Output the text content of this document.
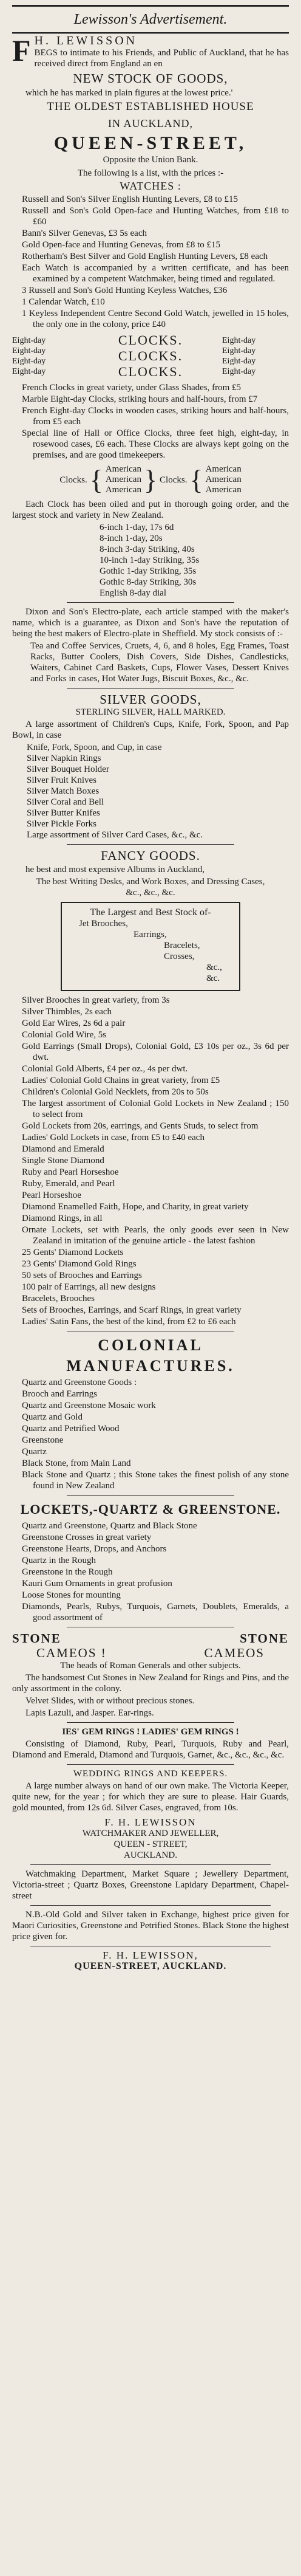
Lewisson's Advertisement.
F H. LEWISSON
BEGS to intimate to his Friends, and Public of Auckland, that he has received direct from England an en
NEW STOCK OF GOODS,
which he has marked in plain figures at the lowest price.'
THE OLDEST ESTABLISHED HOUSE
IN AUCKLAND,
QUEEN-STREET,
Opposite the Union Bank.
The following is a list, with the prices :-
WATCHES :
Russell and Son's Silver English Hunting Levers, £8 to £15
Russell and Son's Gold Open-face and Hunting Watches, from £18 to £60
Bann's Silver Genevas, £3 5s each
Gold Open-face and Hunting Genevas, from £8 to £15
Rotherham's Best Silver and Gold English Hunting Levers, £8 each
Each Watch is accompanied by a written certificate, and has been examined by a competent Watchmaker, being timed and regulated.
3 Russell and Son's Gold Hunting Keyless Watches, £36
1 Calendar Watch, £10
1 Keyless Independent Centre Second Gold Watch, jewelled in 15 holes, the only one in the colony, price £40
Eight-day
Eight-day
Eight-day
Eight-day
CLOCKS.
CLOCKS.
CLOCKS.
Eight-day
Eight-day
Eight-day
Eight-day
French Clocks in great variety, under Glass Shades, from £5
Marble Eight-day Clocks, striking hours and half-hours, from £7
French Eight-day Clocks in wooden cases, striking hours and half-hours, from £5 each
Special line of Hall or Office Clocks, three feet high, eight-day, in rosewood cases, £6 each. These Clocks are always kept going on the premises, and are good timekeepers.
Clocks. { American
American
American } Clocks. { American
American
American
Each Clock has been oiled and put in thorough going order, and the largest stock and variety in New Zealand.
6-inch 1-day, 17s 6d
8-inch 1-day, 20s
8-inch 3-day Striking, 40s
10-inch 1-day Striking, 35s
Gothic 1-day Striking, 35s
Gothic 8-day Striking, 30s
English 8-day dial
Dixon and Son's Electro-plate, each article stamped with the maker's name, which is a guarantee, as Dixon and Son's have the reputation of being the best makers of Electro-plate in Sheffield. My stock consists of :-
Tea and Coffee Services, Cruets, 4, 6, and 8 holes, Egg Frames, Toast Racks, Butter Coolers, Dish Covers, Side Dishes, Candlesticks, Waiters, Cabinet Card Baskets, Cups, Flower Vases, Dessert Knives and Forks in cases, Hot Water Jugs, Biscuit Boxes, &c., &c.
SILVER GOODS,
STERLING SILVER, HALL MARKED.
A large assortment of Children's Cups, Knife, Fork, Spoon, and Pap Bowl, in case
Knife, Fork, Spoon, and Cup, in case
Silver Napkin Rings
Silver Bouquet Holder
Silver Fruit Knives
Silver Match Boxes
Silver Coral and Bell
Silver Butter Knifes
Silver Pickle Forks
Large assortment of Silver Card Cases, &c., &c.
FANCY GOODS.
he best and most expensive Albums in Auckland,
The best Writing Desks, and Work Boxes, and Dressing Cases, &c., &c., &c.
The Largest and Best Stock of-
Jet Brooches,
Earrings,
Bracelets,
Crosses,
&c., &c.
Silver Brooches in great variety, from 3s
Silver Thimbles, 2s each
Gold Ear Wires, 2s 6d a pair
Colonial Gold Wire, 5s
Gold Earrings (Small Drops), Colonial Gold, £3 10s per oz., 3s 6d per dwt.
Colonial Gold Alberts, £4 per oz., 4s per dwt.
Ladies' Colonial Gold Chains in great variety, from £5
Children's Colonial Gold Necklets, from 20s to 50s
The largest assortment of Colonial Gold Lockets in New Zealand ; 150 to select from
Gold Lockets from 20s, earrings, and Gents Studs, to select from
Ladies' Gold Lockets in case, from £5 to £40 each
Diamond and Emerald
Single Stone Diamond
Ruby and Pearl Horseshoe
Ruby, Emerald, and Pearl
Pearl Horseshoe
Diamond Enamelled Faith, Hope, and Charity, in great variety
Diamond Rings, in all
Ornate Lockets, set with Pearls, the only goods ever seen in New Zealand in imitation of the genuine article - the latest fashion
25 Gents' Diamond Lockets
23 Gents' Diamond Gold Rings
50 sets of Brooches and Earrings
100 pair of Earrings, all new designs
Bracelets, Brooches
Sets of Brooches, Earrings, and Scarf Rings, in great variety
Ladies' Satin Fans, the best of the kind, from £2 to £6 each
COLONIAL MANUFACTURES.
Quartz and Greenstone Goods :
Brooch and Earrings
Quartz and Greenstone Mosaic work
Quartz and Gold
Quartz and Petrified Wood
Greenstone
Quartz
Black Stone, from Main Land
Black Stone and Quartz ; this Stone takes the finest polish of any stone found in New Zealand
LOCKETS,-QUARTZ & GREENSTONE.
Quartz and Greenstone, Quartz and Black Stone
Greenstone Crosses in great variety
Greenstone Hearts, Drops, and Anchors
Quartz in the Rough
Greenstone in the Rough
Kauri Gum Ornaments in great profusion
Loose Stones for mounting
Diamonds, Pearls, Rubys, Turquois, Garnets, Doublets, Emeralds, a good assortment of
STONE	STONE
CAMEOS !	CAMEOS
The heads of Roman Generals and other subjects.
The handsomest Cut Stones in New Zealand for Rings and Pins, and the only assortment in the colony.
Velvet Slides, with or without precious stones.
Lapis Lazuli, and Jasper. Ear-rings.
IES' GEM RINGS ! LADIES' GEM RINGS !
Consisting of Diamond, Ruby, Pearl, Turquois, Ruby and Pearl, Diamond and Emerald, Diamond and Turquois, Garnet, &c., &c., &c., &c.
WEDDING RINGS AND KEEPERS.
A large number always on hand of our own make. The Victoria Keeper, quite new, for the year ; for which they are sure to please. Hair Guards, gold mounted, from 12s 6d. Silver Cases, engraved, from 10s.
F. H. LEWISSON
WATCHMAKER AND JEWELLER,
QUEEN - STREET,
AUCKLAND.
Watchmaking Department, Market Square ; Jewellery Department, Victoria-street ; Quartz Boxes, Greenstone Lapidary Department, Chapel-street
N.B.-Old Gold and Silver taken in Exchange, highest price given for Maori Curiosities, Greenstone and Petrified Stones. Black Stone the highest price given for.
F. H. LEWISSON,
QUEEN-STREET, AUCKLAND.
